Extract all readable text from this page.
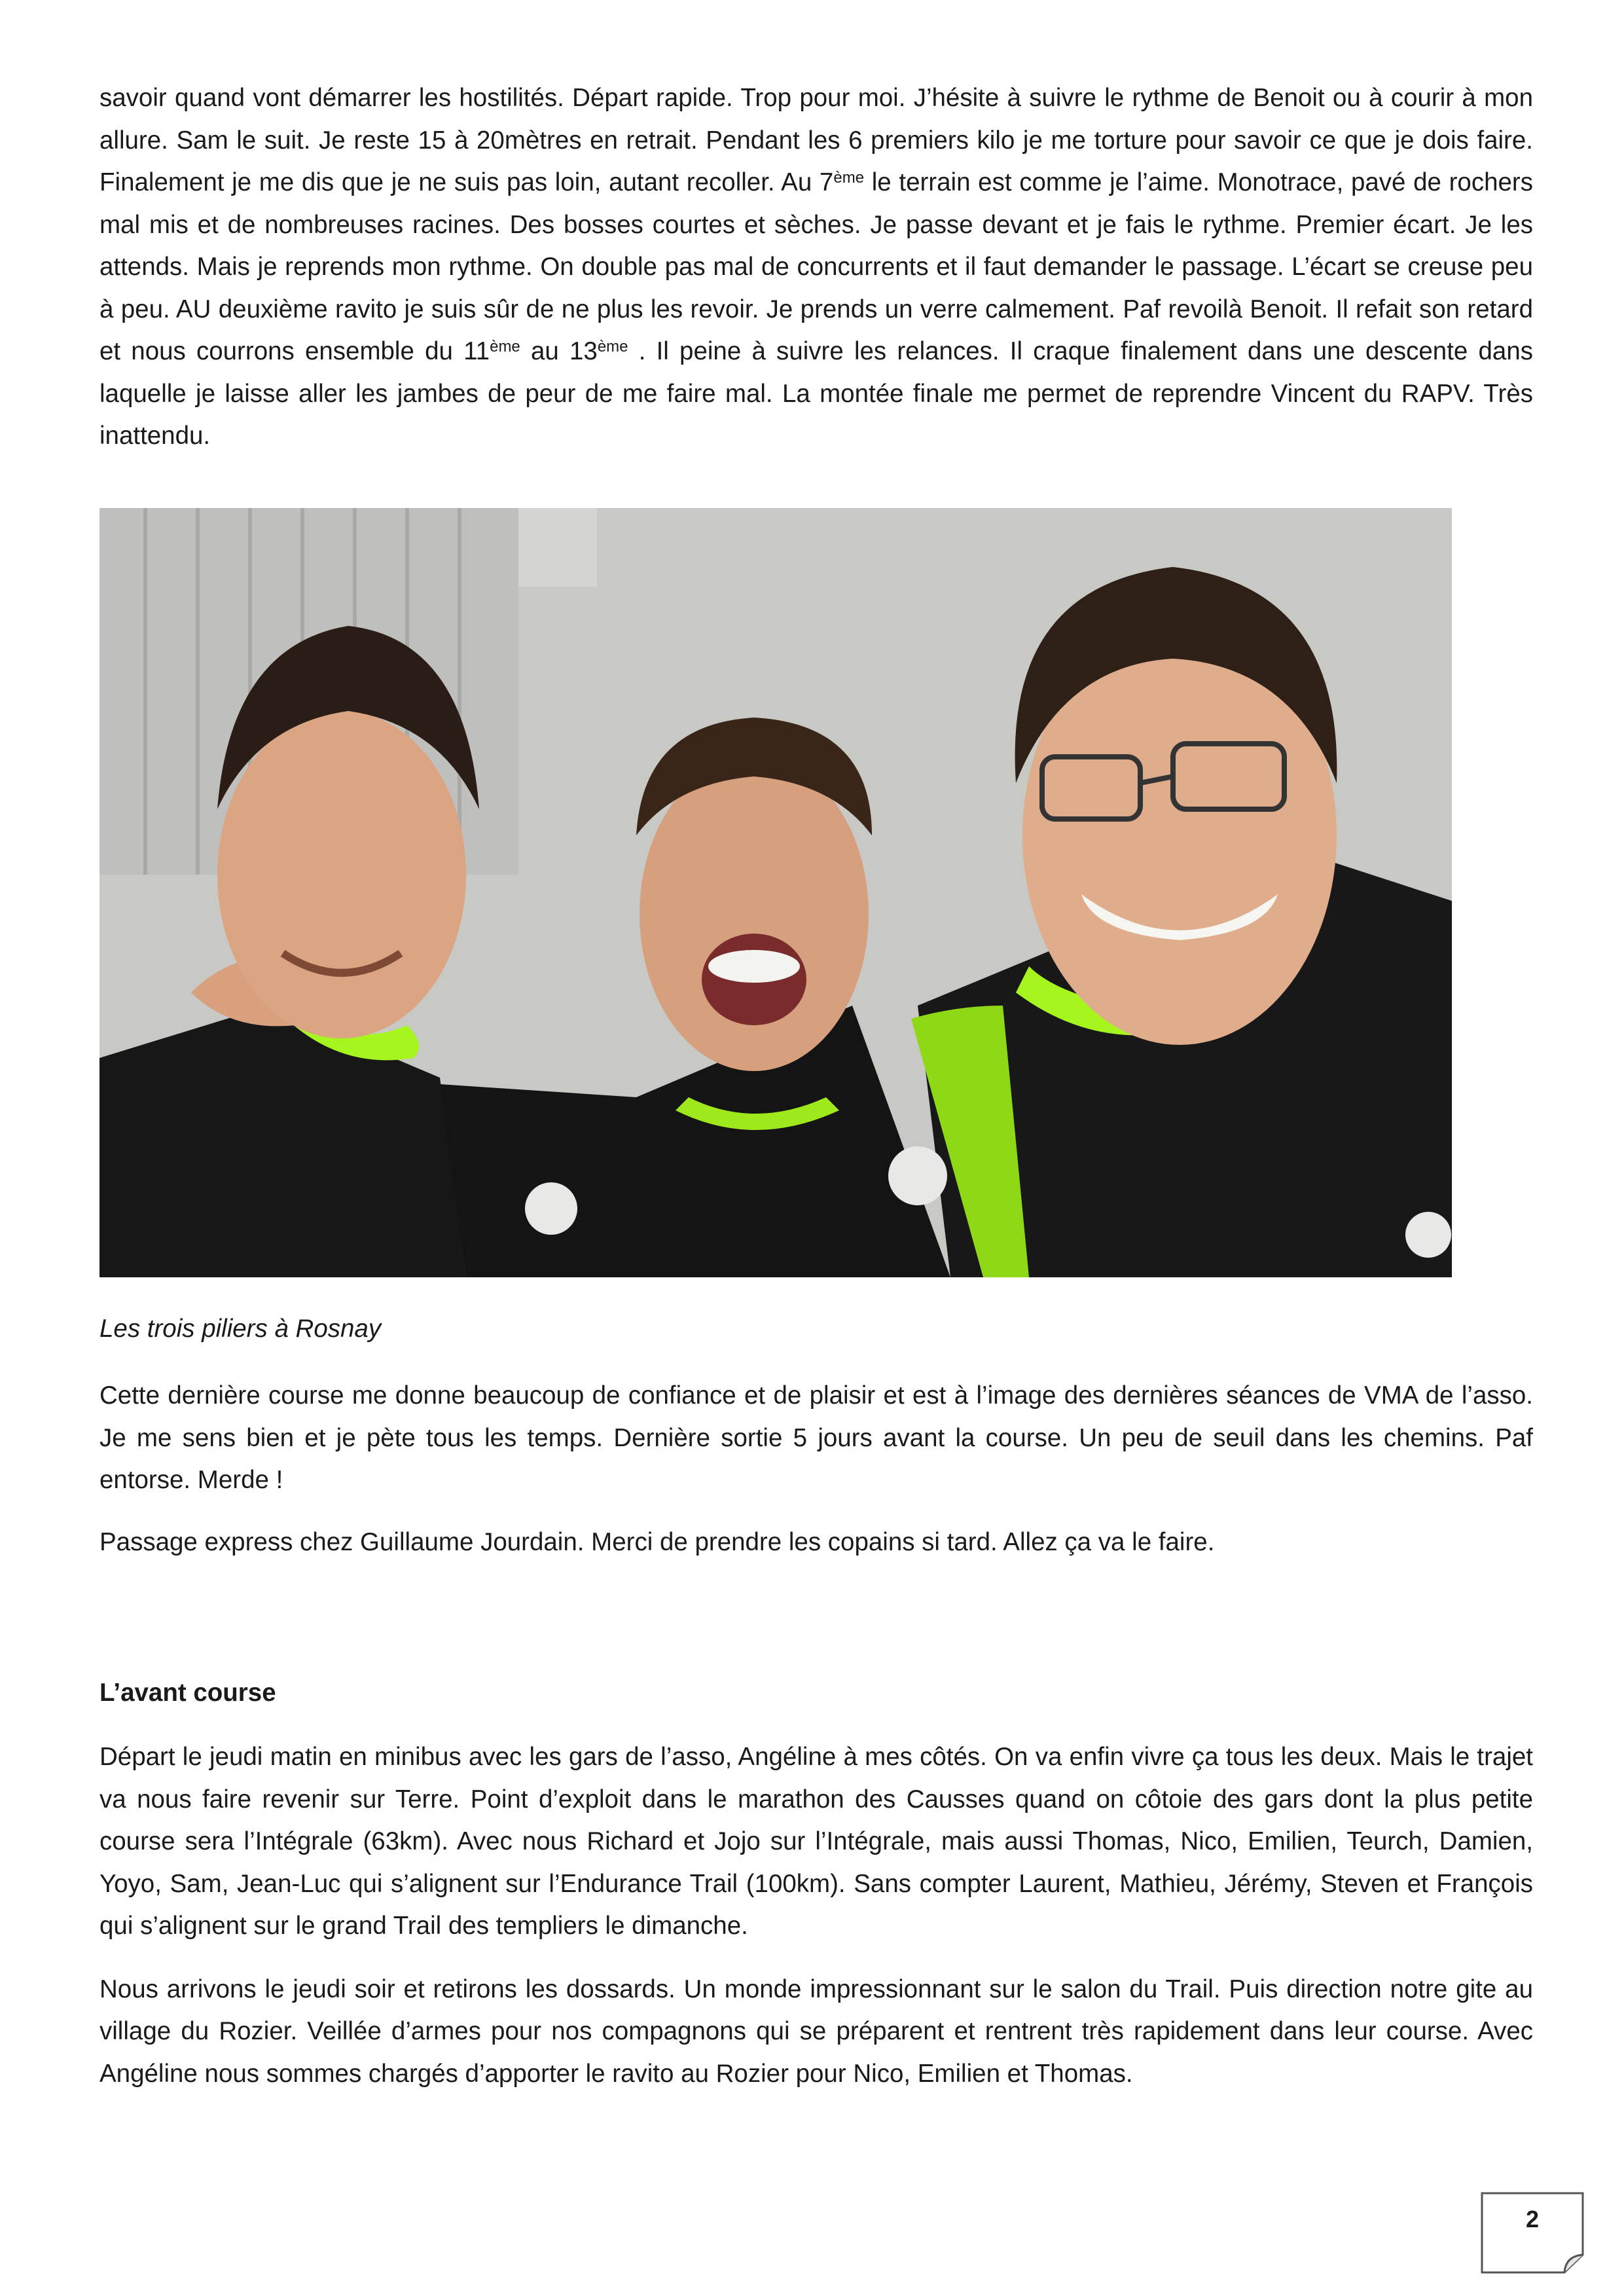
savoir quand vont démarrer les hostilités. Départ rapide. Trop pour moi. J’hésite à suivre le rythme de Benoit ou à courir à mon allure. Sam le suit. Je reste 15 à 20mètres en retrait. Pendant les 6 premiers kilo je me torture pour savoir ce que je dois faire. Finalement je me dis que je ne suis pas loin, autant recoller. Au 7ème le terrain est comme je l’aime. Monotrace, pavé de rochers mal mis et de nombreuses racines. Des bosses courtes et sèches. Je passe devant et je fais le rythme. Premier écart. Je les attends. Mais je reprends mon rythme. On double pas mal de concurrents et il faut demander le passage. L’écart se creuse peu à peu. AU deuxième ravito je suis sûr de ne plus les revoir. Je prends un verre calmement. Paf revoilà Benoit. Il refait son retard et nous courrons ensemble du 11ème au 13ème . Il peine à suivre les relances. Il craque finalement dans une descente dans laquelle je laisse aller les jambes de peur de me faire mal. La montée finale me permet de reprendre Vincent du RAPV. Très inattendu.

Les trois piliers à Rosnay

Cette dernière course me donne beaucoup de confiance et de plaisir et est à l’image des dernières séances de VMA de l’asso. Je me sens bien et je pète tous les temps. Dernière sortie 5 jours avant la course. Un peu de seuil dans les chemins. Paf entorse. Merde !

Passage express chez Guillaume Jourdain. Merci de prendre les copains si tard. Allez ça va le faire.

L’avant course

Départ le jeudi matin en minibus avec les gars de l’asso, Angéline à mes côtés. On va enfin vivre ça tous les deux. Mais le trajet va nous faire revenir sur Terre. Point d’exploit dans le marathon des Causses quand on côtoie des gars dont la plus petite course sera l’Intégrale (63km). Avec nous Richard et Jojo sur l’Intégrale, mais aussi Thomas, Nico, Emilien, Teurch, Damien, Yoyo, Sam, Jean-Luc qui s’alignent sur l’Endurance Trail (100km). Sans compter Laurent, Mathieu, Jérémy, Steven et François qui s’alignent sur le grand Trail des templiers le dimanche.

Nous arrivons le jeudi soir et retirons les dossards. Un monde impressionnant sur le salon du Trail. Puis direction notre gite au village du Rozier. Veillée d’armes pour nos compagnons qui se préparent et rentrent très rapidement dans leur course. Avec Angéline nous sommes chargés d’apporter le ravito au Rozier pour Nico, Emilien et Thomas.

2
